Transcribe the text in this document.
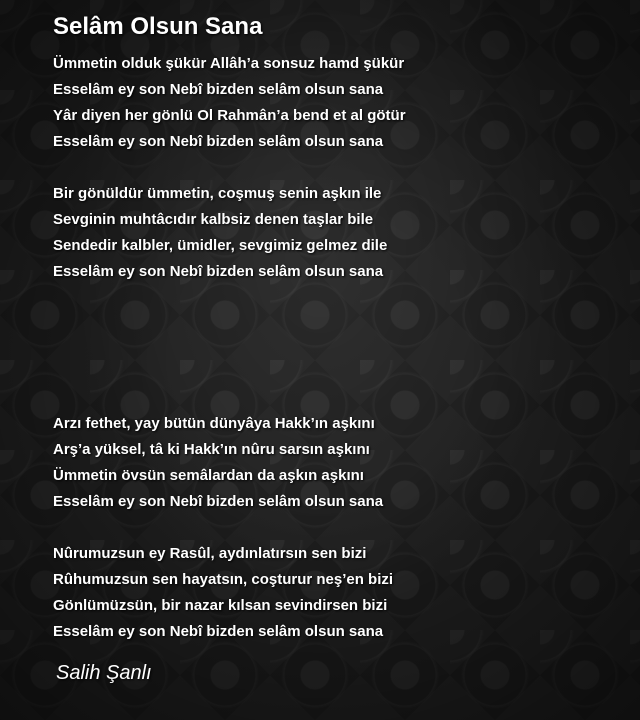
Selâm Olsun Sana
Ümmetin olduk şükür Allâh’a sonsuz hamd şükür
Esselâm ey son Nebî bizden selâm olsun sana
Yâr diyen her gönlü Ol Rahmân’a bend et al götür
Esselâm ey son Nebî bizden selâm olsun sana
Bir gönüldür ümmetin, coşmuş senin aşkın ile
Sevginin muhtâcıdır kalbsiz denen taşlar bile
Sendedir kalbler, ümidler, sevgimiz gelmez dile
Esselâm ey son Nebî bizden selâm olsun sana
Arzı fethet, yay bütün dünyâya Hakk’ın aşkını
Arş’a yüksel, tâ ki Hakk’ın nûru sarsın aşkını
Ümmetin övsün semâlardan da aşkın aşkını
Esselâm ey son Nebî bizden selâm olsun sana
Nûrumuzsun ey Rasûl, aydınlatırsın sen bizi
Rûhumuzsun sen hayatsın, coşturur neş’en bizi
Gönlümüzsün, bir nazar kılsan sevindirsen bizi
Esselâm ey son Nebî bizden selâm olsun sana

Salih Şanlı
